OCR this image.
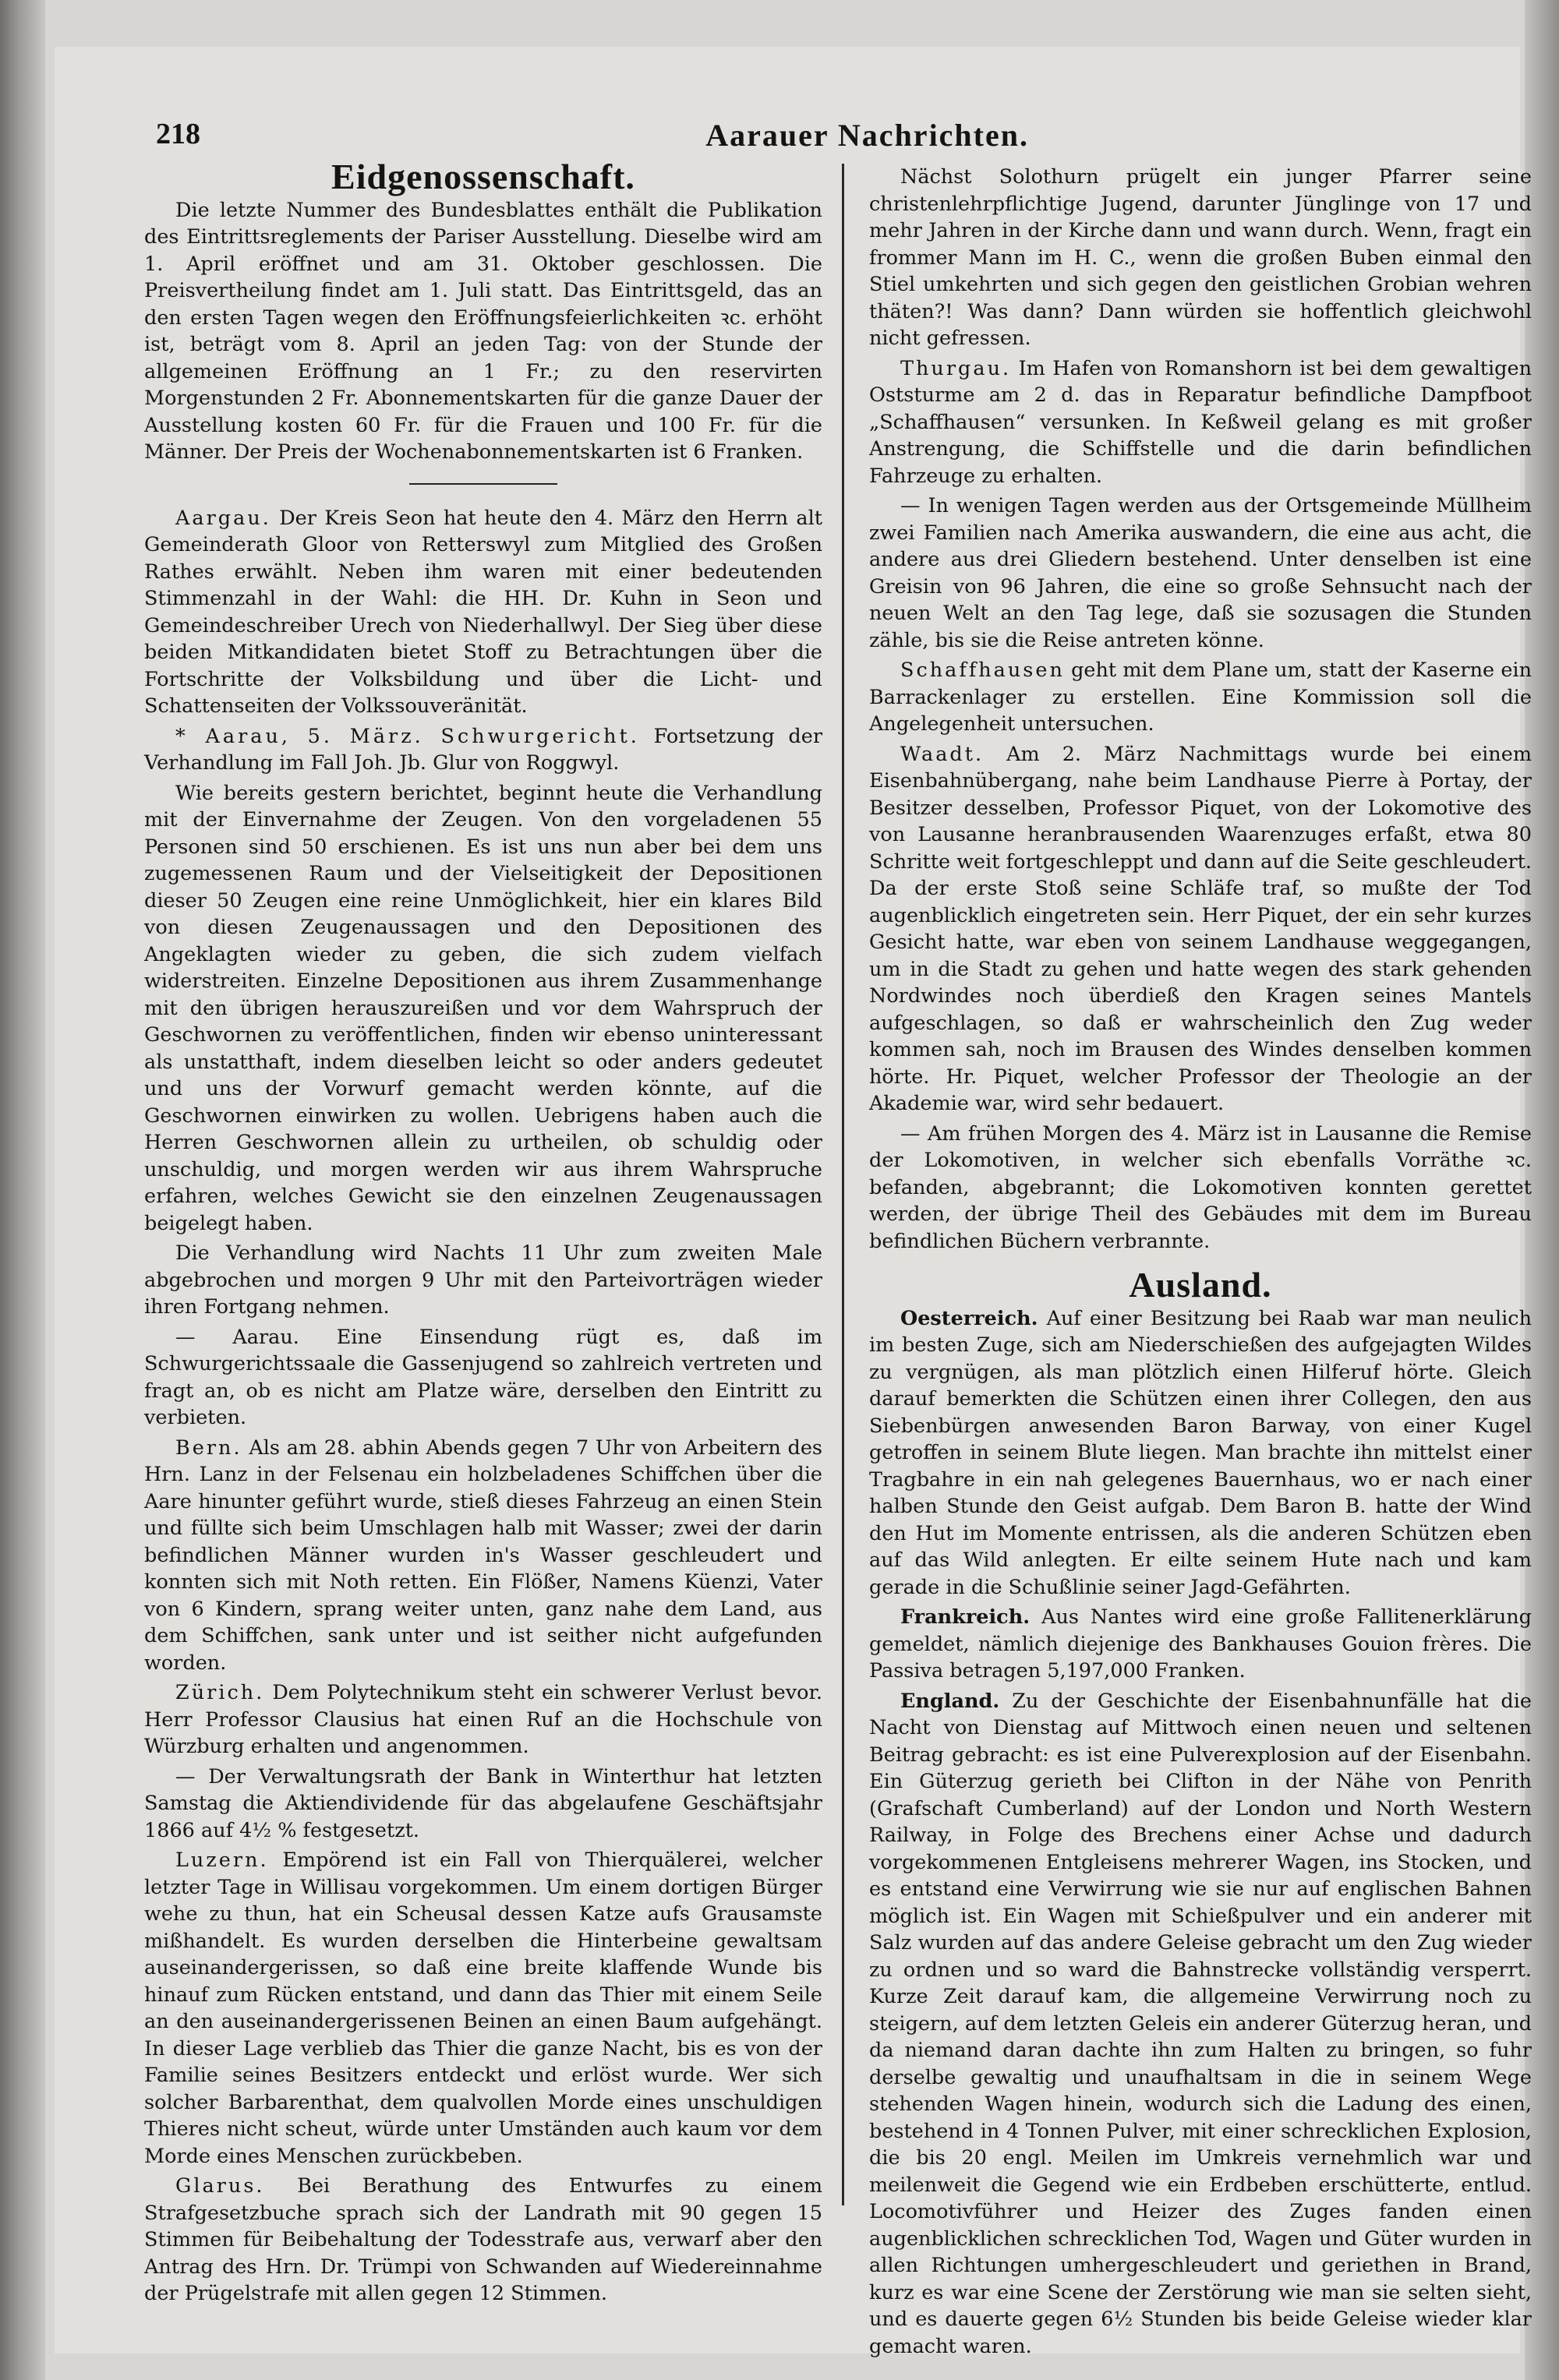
218	Aarauer Nachrichten.
Eidgenossenschaft.

Die letzte Nummer des Bundesblattes enthält die Publikation des Eintrittsreglements der Pariser Ausstellung. Dieselbe wird am 1. April eröffnet und am 31. Oktober geschlossen. Die Preisvertheilung findet am 1. Juli statt. Das Eintrittsgeld, das an den ersten Tagen wegen den Eröffnungsfeierlichkeiten ꝛc. erhöht ist, beträgt vom 8. April an jeden Tag: von der Stunde der allgemeinen Eröffnung an 1 Fr.; zu den reservirten Morgenstunden 2 Fr. Abonnementskarten für die ganze Dauer der Ausstellung kosten 60 Fr. für die Frauen und 100 Fr. für die Männer. Der Preis der Wochenabonnementskarten ist 6 Franken.

Aargau. Der Kreis Seon hat heute den 4. März den Herrn alt Gemeinderath Gloor von Retterswyl zum Mitglied des Großen Rathes erwählt. Neben ihm waren mit einer bedeutenden Stimmenzahl in der Wahl: die HH. Dr. Kuhn in Seon und Gemeindeschreiber Urech von Niederhallwyl. Der Sieg über diese beiden Mitkandidaten bietet Stoff zu Betrachtungen über die Fortschritte der Volksbildung und über die Licht- und Schattenseiten der Volkssouveränität.

* Aarau, 5. März. Schwurgericht. Fortsetzung der Verhandlung im Fall Joh. Jb. Glur von Roggwyl.

Wie bereits gestern berichtet, beginnt heute die Verhandlung mit der Einvernahme der Zeugen. Von den vorgeladenen 55 Personen sind 50 erschienen. Es ist uns nun aber bei dem uns zugemessenen Raum und der Vielseitigkeit der Depositionen dieser 50 Zeugen eine reine Unmöglichkeit, hier ein klares Bild von diesen Zeugenaussagen und den Depositionen des Angeklagten wieder zu geben, die sich zudem vielfach widerstreiten. Einzelne Depositionen aus ihrem Zusammenhange mit den übrigen herauszureißen und vor dem Wahrspruch der Geschwornen zu veröffentlichen, finden wir ebenso uninteressant als unstatthaft, indem dieselben leicht so oder anders gedeutet und uns der Vorwurf gemacht werden könnte, auf die Geschwornen einwirken zu wollen. Uebrigens haben auch die Herren Geschwornen allein zu urtheilen, ob schuldig oder unschuldig, und morgen werden wir aus ihrem Wahrspruche erfahren, welches Gewicht sie den einzelnen Zeugenaussagen beigelegt haben.

Die Verhandlung wird Nachts 11 Uhr zum zweiten Male abgebrochen und morgen 9 Uhr mit den Parteivorträgen wieder ihren Fortgang nehmen.

— Aarau. Eine Einsendung rügt es, daß im Schwurgerichtssaale die Gassenjugend so zahlreich vertreten und fragt an, ob es nicht am Platze wäre, derselben den Eintritt zu verbieten.

Bern. Als am 28. abhin Abends gegen 7 Uhr von Arbeitern des Hrn. Lanz in der Felsenau ein holzbeladenes Schiffchen über die Aare hinunter geführt wurde, stieß dieses Fahrzeug an einen Stein und füllte sich beim Umschlagen halb mit Wasser; zwei der darin befindlichen Männer wurden in's Wasser geschleudert und konnten sich mit Noth retten. Ein Flößer, Namens Küenzi, Vater von 6 Kindern, sprang weiter unten, ganz nahe dem Land, aus dem Schiffchen, sank unter und ist seither nicht aufgefunden worden.

Zürich. Dem Polytechnikum steht ein schwerer Verlust bevor. Herr Professor Clausius hat einen Ruf an die Hochschule von Würzburg erhalten und angenommen.

— Der Verwaltungsrath der Bank in Winterthur hat letzten Samstag die Aktiendividende für das abgelaufene Geschäftsjahr 1866 auf 4½ % festgesetzt.

Luzern. Empörend ist ein Fall von Thierquälerei, welcher letzter Tage in Willisau vorgekommen. Um einem dortigen Bürger wehe zu thun, hat ein Scheusal dessen Katze aufs Grausamste mißhandelt. Es wurden derselben die Hinterbeine gewaltsam auseinandergerissen, so daß eine breite klaffende Wunde bis hinauf zum Rücken entstand, und dann das Thier mit einem Seile an den auseinandergerissenen Beinen an einen Baum aufgehängt. In dieser Lage verblieb das Thier die ganze Nacht, bis es von der Familie seines Besitzers entdeckt und erlöst wurde. Wer sich solcher Barbarenthat, dem qualvollen Morde eines unschuldigen Thieres nicht scheut, würde unter Umständen auch kaum vor dem Morde eines Menschen zurückbeben.

Glarus. Bei Berathung des Entwurfes zu einem Strafgesetzbuche sprach sich der Landrath mit 90 gegen 15 Stimmen für Beibehaltung der Todesstrafe aus, verwarf aber den Antrag des Hrn. Dr. Trümpi von Schwanden auf Wiedereinnahme der Prügelstrafe mit allen gegen 12 Stimmen.

Nächst Solothurn prügelt ein junger Pfarrer seine christenlehrpflichtige Jugend, darunter Jünglinge von 17 und mehr Jahren in der Kirche dann und wann durch. Wenn, fragt ein frommer Mann im H. C., wenn die großen Buben einmal den Stiel umkehrten und sich gegen den geistlichen Grobian wehren thäten?! Was dann? Dann würden sie hoffentlich gleichwohl nicht gefressen.

Thurgau. Im Hafen von Romanshorn ist bei dem gewaltigen Oststurme am 2 d. das in Reparatur befindliche Dampfboot „Schaffhausen“ versunken. In Keßweil gelang es mit großer Anstrengung, die Schiffstelle und die darin befindlichen Fahrzeuge zu erhalten.

— In wenigen Tagen werden aus der Ortsgemeinde Müllheim zwei Familien nach Amerika auswandern, die eine aus acht, die andere aus drei Gliedern bestehend. Unter denselben ist eine Greisin von 96 Jahren, die eine so große Sehnsucht nach der neuen Welt an den Tag lege, daß sie sozusagen die Stunden zähle, bis sie die Reise antreten könne.

Schaffhausen geht mit dem Plane um, statt der Kaserne ein Barrackenlager zu erstellen. Eine Kommission soll die Angelegenheit untersuchen.

Waadt. Am 2. März Nachmittags wurde bei einem Eisenbahnübergang, nahe beim Landhause Pierre à Portay, der Besitzer desselben, Professor Piquet, von der Lokomotive des von Lausanne heranbrausenden Waarenzuges erfaßt, etwa 80 Schritte weit fortgeschleppt und dann auf die Seite geschleudert. Da der erste Stoß seine Schläfe traf, so mußte der Tod augenblicklich eingetreten sein. Herr Piquet, der ein sehr kurzes Gesicht hatte, war eben von seinem Landhause weggegangen, um in die Stadt zu gehen und hatte wegen des stark gehenden Nordwindes noch überdieß den Kragen seines Mantels aufgeschlagen, so daß er wahrscheinlich den Zug weder kommen sah, noch im Brausen des Windes denselben kommen hörte. Hr. Piquet, welcher Professor der Theologie an der Akademie war, wird sehr bedauert.

— Am frühen Morgen des 4. März ist in Lausanne die Remise der Lokomotiven, in welcher sich ebenfalls Vorräthe ꝛc. befanden, abgebrannt; die Lokomotiven konnten gerettet werden, der übrige Theil des Gebäudes mit dem im Bureau befindlichen Büchern verbrannte.

Ausland.

Oesterreich. Auf einer Besitzung bei Raab war man neulich im besten Zuge, sich am Niederschießen des aufgejagten Wildes zu vergnügen, als man plötzlich einen Hilferuf hörte. Gleich darauf bemerkten die Schützen einen ihrer Collegen, den aus Siebenbürgen anwesenden Baron Barway, von einer Kugel getroffen in seinem Blute liegen. Man brachte ihn mittelst einer Tragbahre in ein nah gelegenes Bauernhaus, wo er nach einer halben Stunde den Geist aufgab. Dem Baron B. hatte der Wind den Hut im Momente entrissen, als die anderen Schützen eben auf das Wild anlegten. Er eilte seinem Hute nach und kam gerade in die Schußlinie seiner Jagd-Gefährten.

Frankreich. Aus Nantes wird eine große Fallitenerklärung gemeldet, nämlich diejenige des Bankhauses Gouion frères. Die Passiva betragen 5,197,000 Franken.

England. Zu der Geschichte der Eisenbahnunfälle hat die Nacht von Dienstag auf Mittwoch einen neuen und seltenen Beitrag gebracht: es ist eine Pulverexplosion auf der Eisenbahn. Ein Güterzug gerieth bei Clifton in der Nähe von Penrith (Grafschaft Cumberland) auf der London und North Western Railway, in Folge des Brechens einer Achse und dadurch vorgekommenen Entgleisens mehrerer Wagen, ins Stocken, und es entstand eine Verwirrung wie sie nur auf englischen Bahnen möglich ist. Ein Wagen mit Schießpulver und ein anderer mit Salz wurden auf das andere Geleise gebracht um den Zug wieder zu ordnen und so ward die Bahnstrecke vollständig versperrt. Kurze Zeit darauf kam, die allgemeine Verwirrung noch zu steigern, auf dem letzten Geleis ein anderer Güterzug heran, und da niemand daran dachte ihn zum Halten zu bringen, so fuhr derselbe gewaltig und unaufhaltsam in die in seinem Wege stehenden Wagen hinein, wodurch sich die Ladung des einen, bestehend in 4 Tonnen Pulver, mit einer schrecklichen Explosion, die bis 20 engl. Meilen im Umkreis vernehmlich war und meilenweit die Gegend wie ein Erdbeben erschütterte, entlud. Locomotivführer und Heizer des Zuges fanden einen augenblicklichen schrecklichen Tod, Wagen und Güter wurden in allen Richtungen umhergeschleudert und geriethen in Brand, kurz es war eine Scene der Zerstörung wie man sie selten sieht, und es dauerte gegen 6½ Stunden bis beide Geleise wieder klar gemacht waren.
